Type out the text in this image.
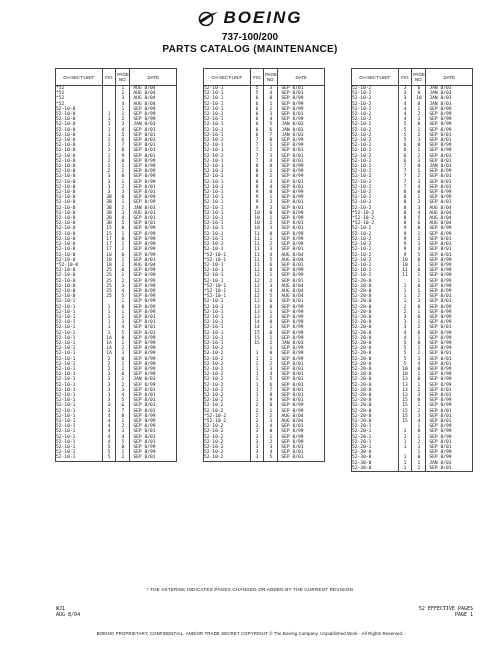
BOEING
737-100/200
PARTS CATALOG (MAINTENANCE)
CH-SECT-UNIT	FIG	PAGE NO.	DATE
*52		1	AUG 8/04
*52		2	AUG 8/04
*52		3	AUG 8/04
*52		4	AUG 8/04
52-10-0		1	SEP 8/99
52-10-0	1	1	SEP 8/99
52-10-0	1	2	SEP 8/99
52-10-0	1	3	JAN 8/03
52-10-0	1	4	SEP 8/01
52-10-0	1	5	SEP 8/01
52-10-0	1	6	SEP 8/01
52-10-0	1	7	SEP 8/01
52-10-0	1	8	SEP 8/01
52-10-0	1	9	SEP 8/01
52-10-0	2	0	SEP 8/99
52-10-0	2	1	SEP 8/99
52-10-0	2	2	SEP 8/99
52-10-0	3	0	SEP 8/99
52-10-0	3	1	SEP 8/99
52-10-0	3	2	SEP 8/01
52-10-0	3	3	SEP 8/01
52-10-0	3B	0	SEP 8/99
52-10-0	3B	1	SEP 8/99
52-10-0	3B	2	JAN 8/03
52-10-0	3B	3	AUG 8/01
52-10-0	3B	4	SEP 8/01
52-10-0	3B	5	SEP 8/01
52-10-0	15	0	SEP 8/99
52-10-0	15	1	SEP 8/99
52-10-0	17	0	SEP 8/99
52-10-0	17	1	SEP 8/99
52-10-0	17	2	SEP 8/99
52-10-0	18	0	SEP 8/99
52-10-0	18	1	SEP 8/01
*52-10-0	18	2	AUG 8/04
52-10-0	25	0	SEP 8/99
52-10-0	25	1	SEP 8/99
52-10-0	25	2	SEP 8/99
52-10-0	25	3	SEP 8/99
52-10-0	25	4	SEP 8/99
52-10-0	25	5	SEP 8/99
52-10-1		1	SEP 8/99
52-10-1	1	0	SEP 8/99
52-10-1	1	1	SEP 8/99
52-10-1	1	2	SEP 8/01
52-10-1	1	3	SEP 8/01
52-10-1	1	4	SEP 8/01
52-10-1	1	5	SEP 8/01
52-10-1	1A	0	SEP 8/99
52-10-1	1A	1	SEP 8/99
52-10-1	1A	2	SEP 8/99
52-10-1	1A	3	SEP 8/99
52-10-1	2	0	SEP 8/99
52-10-1	2	1	SEP 8/99
52-10-1	2	2	SEP 8/99
52-10-1	3	0	SEP 8/99
52-10-1	3	1	JAN 8/03
52-10-1	3	2	SEP 8/99
52-10-1	3	3	SEP 8/01
52-10-1	3	4	SEP 8/01
52-10-1	3	5	SEP 8/01
52-10-1	3	6	SEP 8/01
52-10-1	3	7	SEP 8/01
52-10-1	4	0	SEP 8/99
52-10-1	4	1	SEP 8/99
52-10-1	4	2	SEP 8/99
52-10-1	4	3	SEP 8/01
52-10-1	4	4	SEP 8/01
52-10-1	4	5	SEP 8/01
52-10-1	5	0	SEP 8/99
52-10-1	5	1	SEP 8/99
52-10-1	5	2	SEP 8/01
CH-SECT-UNIT	FIG	PAGE NO.	DATE
52-10-1	5	3	SEP 8/01
52-10-1	5	4	SEP 8/01
52-10-1	6	0	SEP 8/99
52-10-1	6	1	SEP 8/99
52-10-1	6	2	SEP 8/99
52-10-1	6	3	SEP 8/01
52-10-1	6	4	SEP 8/99
52-10-1	6	5	JAN 8/03
52-10-1	6	6	JAN 8/03
52-10-1	6	7	JAN 8/03
52-10-1	7	0	SEP 8/99
52-10-1	7	1	SEP 8/99
52-10-1	7	2	SEP 8/01
52-10-1	7	3	SEP 8/01
52-10-1	7	4	SEP 8/01
52-10-1	8	0	SEP 8/99
52-10-1	8	1	SEP 8/99
52-10-1	8	2	SEP 8/99
52-10-1	8	3	SEP 8/01
52-10-1	8	4	SEP 8/01
52-10-1	9	0	SEP 8/99
52-10-1	9	1	SEP 8/99
52-10-1	9	2	SEP 8/01
52-10-1	9	3	SEP 8/01
52-10-1	10	0	SEP 8/99
52-10-1	10	1	SEP 8/99
52-10-1	10	2	SEP 8/01
52-10-1	10	3	SEP 8/01
52-10-1	11	0	SEP 8/99
52-10-1	11	1	SEP 8/99
52-10-1	11	2	SEP 8/99
52-10-1	11	3	SEP 8/01
*52-10-1	11	4	AUG 8/04
*52-10-1	11	5	AUG 8/04
52-10-1	11	6	SEP 8/01
52-10-1	12	0	SEP 8/99
52-10-1	12	1	SEP 8/99
52-10-1	12	2	SEP 8/01
*52-10-1	12	3	AUG 8/04
*52-10-1	12	4	AUG 8/04
*52-10-1	12	5	AUG 8/04
52-10-1	12	6	SEP 8/01
52-10-1	13	0	SEP 8/99
52-10-1	13	1	SEP 8/99
52-10-1	13	2	SEP 8/99
52-10-1	14	0	SEP 8/99
52-10-1	14	1	SEP 8/99
52-10-1	15	0	SEP 8/99
52-10-1	15	1	SEP 8/99
52-10-1	15	2	JAN 8/03
52-10-2		1	SEP 8/99
52-10-2	1	0	SEP 8/99
52-10-2	1	1	SEP 8/99
52-10-2	1	2	SEP 8/01
52-10-2	1	3	SEP 8/01
52-10-2	1	4	SEP 8/01
52-10-2	1	5	SEP 8/01
52-10-2	1	6	SEP 8/01
52-10-2	1	7	SEP 8/01
52-10-2	1	8	SEP 8/01
52-10-2	1	9	SEP 8/01
52-10-2	2	0	SEP 8/99
52-10-2	2	1	SEP 8/99
*52-10-2	2	2	AUG 8/04
*52-10-2	2	3	AUG 8/04
52-10-2	2	4	SEP 8/01
52-10-2	3	0	SEP 8/99
52-10-2	3	1	SEP 8/99
52-10-2	3	2	SEP 8/99
52-10-2	3	3	SEP 8/01
52-10-2	3	4	SEP 8/01
52-10-2	3	5	SEP 8/01
CH-SECT-UNIT	FIG	PAGE NO.	DATE
52-10-2	3	6	JAN 8/03
52-10-2	3	8	JAN 8/03
52-10-2	3	10	JAN 8/03
52-10-2	4	0	JAN 8/03
52-10-2	4	1	SEP 8/99
52-10-2	4	2	SEP 8/99
52-10-2	4	3	SEP 8/99
52-10-2	5	0	SEP 8/99
52-10-2	5	1	SEP 8/99
52-10-2	5	2	SEP 8/01
52-10-2	5	3	SEP 8/01
52-10-2	6	0	SEP 8/99
52-10-2	6	1	SEP 8/99
52-10-2	6	2	SEP 8/01
52-10-2	6	3	SEP 8/01
52-10-2	7	0	JAN 8/03
52-10-2	7	1	SEP 8/99
52-10-2	7	2	SEP 8/01
52-10-2	7	3	SEP 8/01
52-10-2	7	4	SEP 8/01
52-10-2	8	0	SEP 8/99
52-10-2	8	1	SEP 8/99
52-10-2	8	2	SEP 8/01
52-10-2	8	3	AUG 8/04
*52-10-2	8	4	AUG 8/04
*52-10-2	8	5	AUG 8/04
*52-10-2	8	6	AUG 8/04
52-10-2	9	0	SEP 8/99
52-10-2	9	1	SEP 8/99
52-10-2	9	2	SEP 8/01
52-10-2	9	3	SEP 8/01
52-10-2	9	4	SEP 8/01
52-10-2	9	5	SEP 8/01
52-10-2	10	0	SEP 8/99
52-10-2	10	1	SEP 8/99
52-10-2	11	0	SEP 8/99
52-10-2	11	1	SEP 8/99
52-20-0		1	SEP 8/99
52-20-0	1	0	SEP 8/99
52-20-0	1	1	SEP 8/99
52-20-0	1	2	SEP 8/01
52-20-0	1	3	SEP 8/01
52-20-0	2	0	SEP 8/99
52-20-0	2	1	SEP 8/99
52-20-0	3	0	SEP 8/99
52-20-0	3	1	SEP 8/99
52-20-0	3	2	SEP 8/01
52-20-0	4	0	SEP 8/99
52-20-0	4	1	SEP 8/99
52-20-0	5	0	SEP 8/99
52-20-0	5	1	SEP 8/99
52-20-0	5	2	SEP 8/01
52-20-0	5	3	SEP 8/01
52-20-0	5	4	SEP 8/01
52-20-0	10	0	SEP 8/99
52-20-0	10	1	SEP 8/99
52-20-0	13	0	SEP 8/99
52-20-0	13	1	SEP 8/99
52-20-0	13	2	SEP 8/01
52-20-0	13	3	SEP 8/01
52-20-0	15	0	SEP 8/99
52-20-0	15	1	SEP 8/99
52-20-0	15	2	SEP 8/01
52-20-0	15	3	SEP 8/01
52-20-0	15	4	SEP 8/01
52-20-1		1	SEP 8/99
52-20-1	1	0	SEP 8/99
52-20-1	1	1	SEP 8/99
52-20-1	1	2	SEP 8/01
52-20-1	1	3	SEP 8/01
52-30-0		1	SEP 8/99
52-30-0	1	0	SEP 8/99
52-30-0	1	1	JAN 8/03
52-30-0	1	2	SEP 8/01
* THE ASTERISK INDICATES PAGES CHANGED OR ADDED BY THE CURRENT REVISION
WJ1
AUG 8/04
52 EFFECTIVE PAGES
PAGE 1
BOEING PROPRIETARY, CONFIDENTIAL, AND/OR TRADE SECRET COPYRIGHT © The Boeing Company. Unpublished Work - All Rights Reserved.
